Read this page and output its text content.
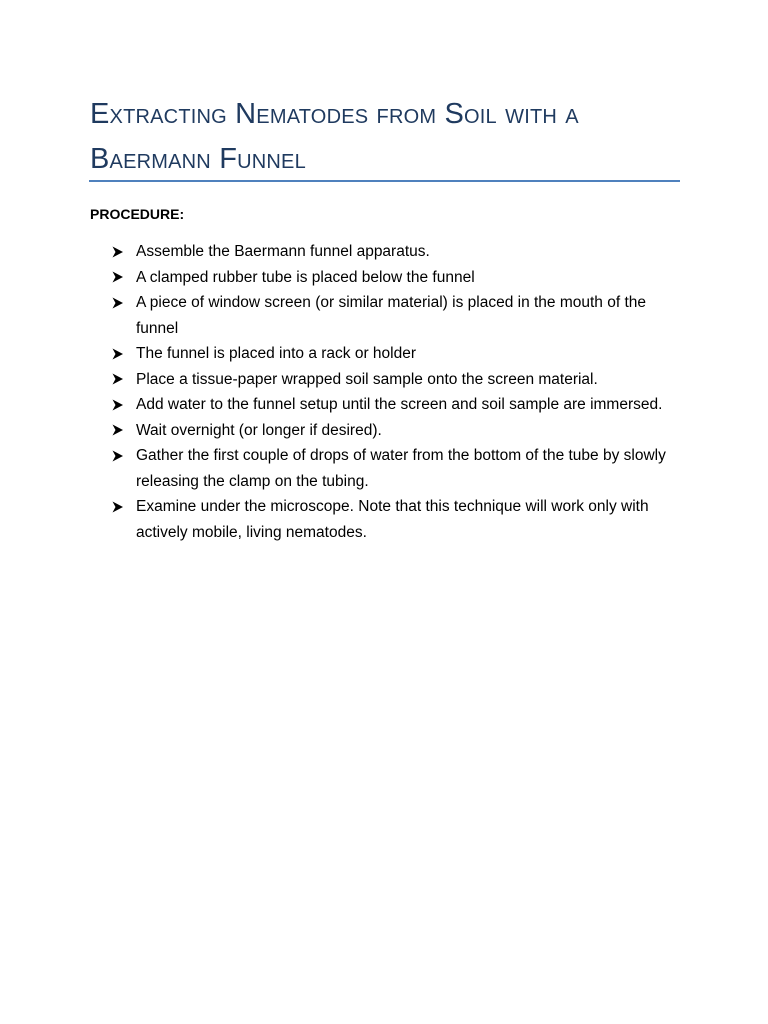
Extracting Nematodes from Soil with a Baermann Funnel

PROCEDURE:

Assemble the Baermann funnel apparatus.
A clamped rubber tube is placed below the funnel
A piece of window screen (or similar material) is placed in the mouth of the funnel
The funnel is placed into a rack or holder
Place a tissue-paper wrapped soil sample onto the screen material.
Add water to the funnel setup until the screen and soil sample are immersed.
Wait overnight (or longer if desired).
Gather the first couple of drops of water from the bottom of the tube by slowly releasing the clamp on the tubing.
Examine under the microscope. Note that this technique will work only with actively mobile, living nematodes.
